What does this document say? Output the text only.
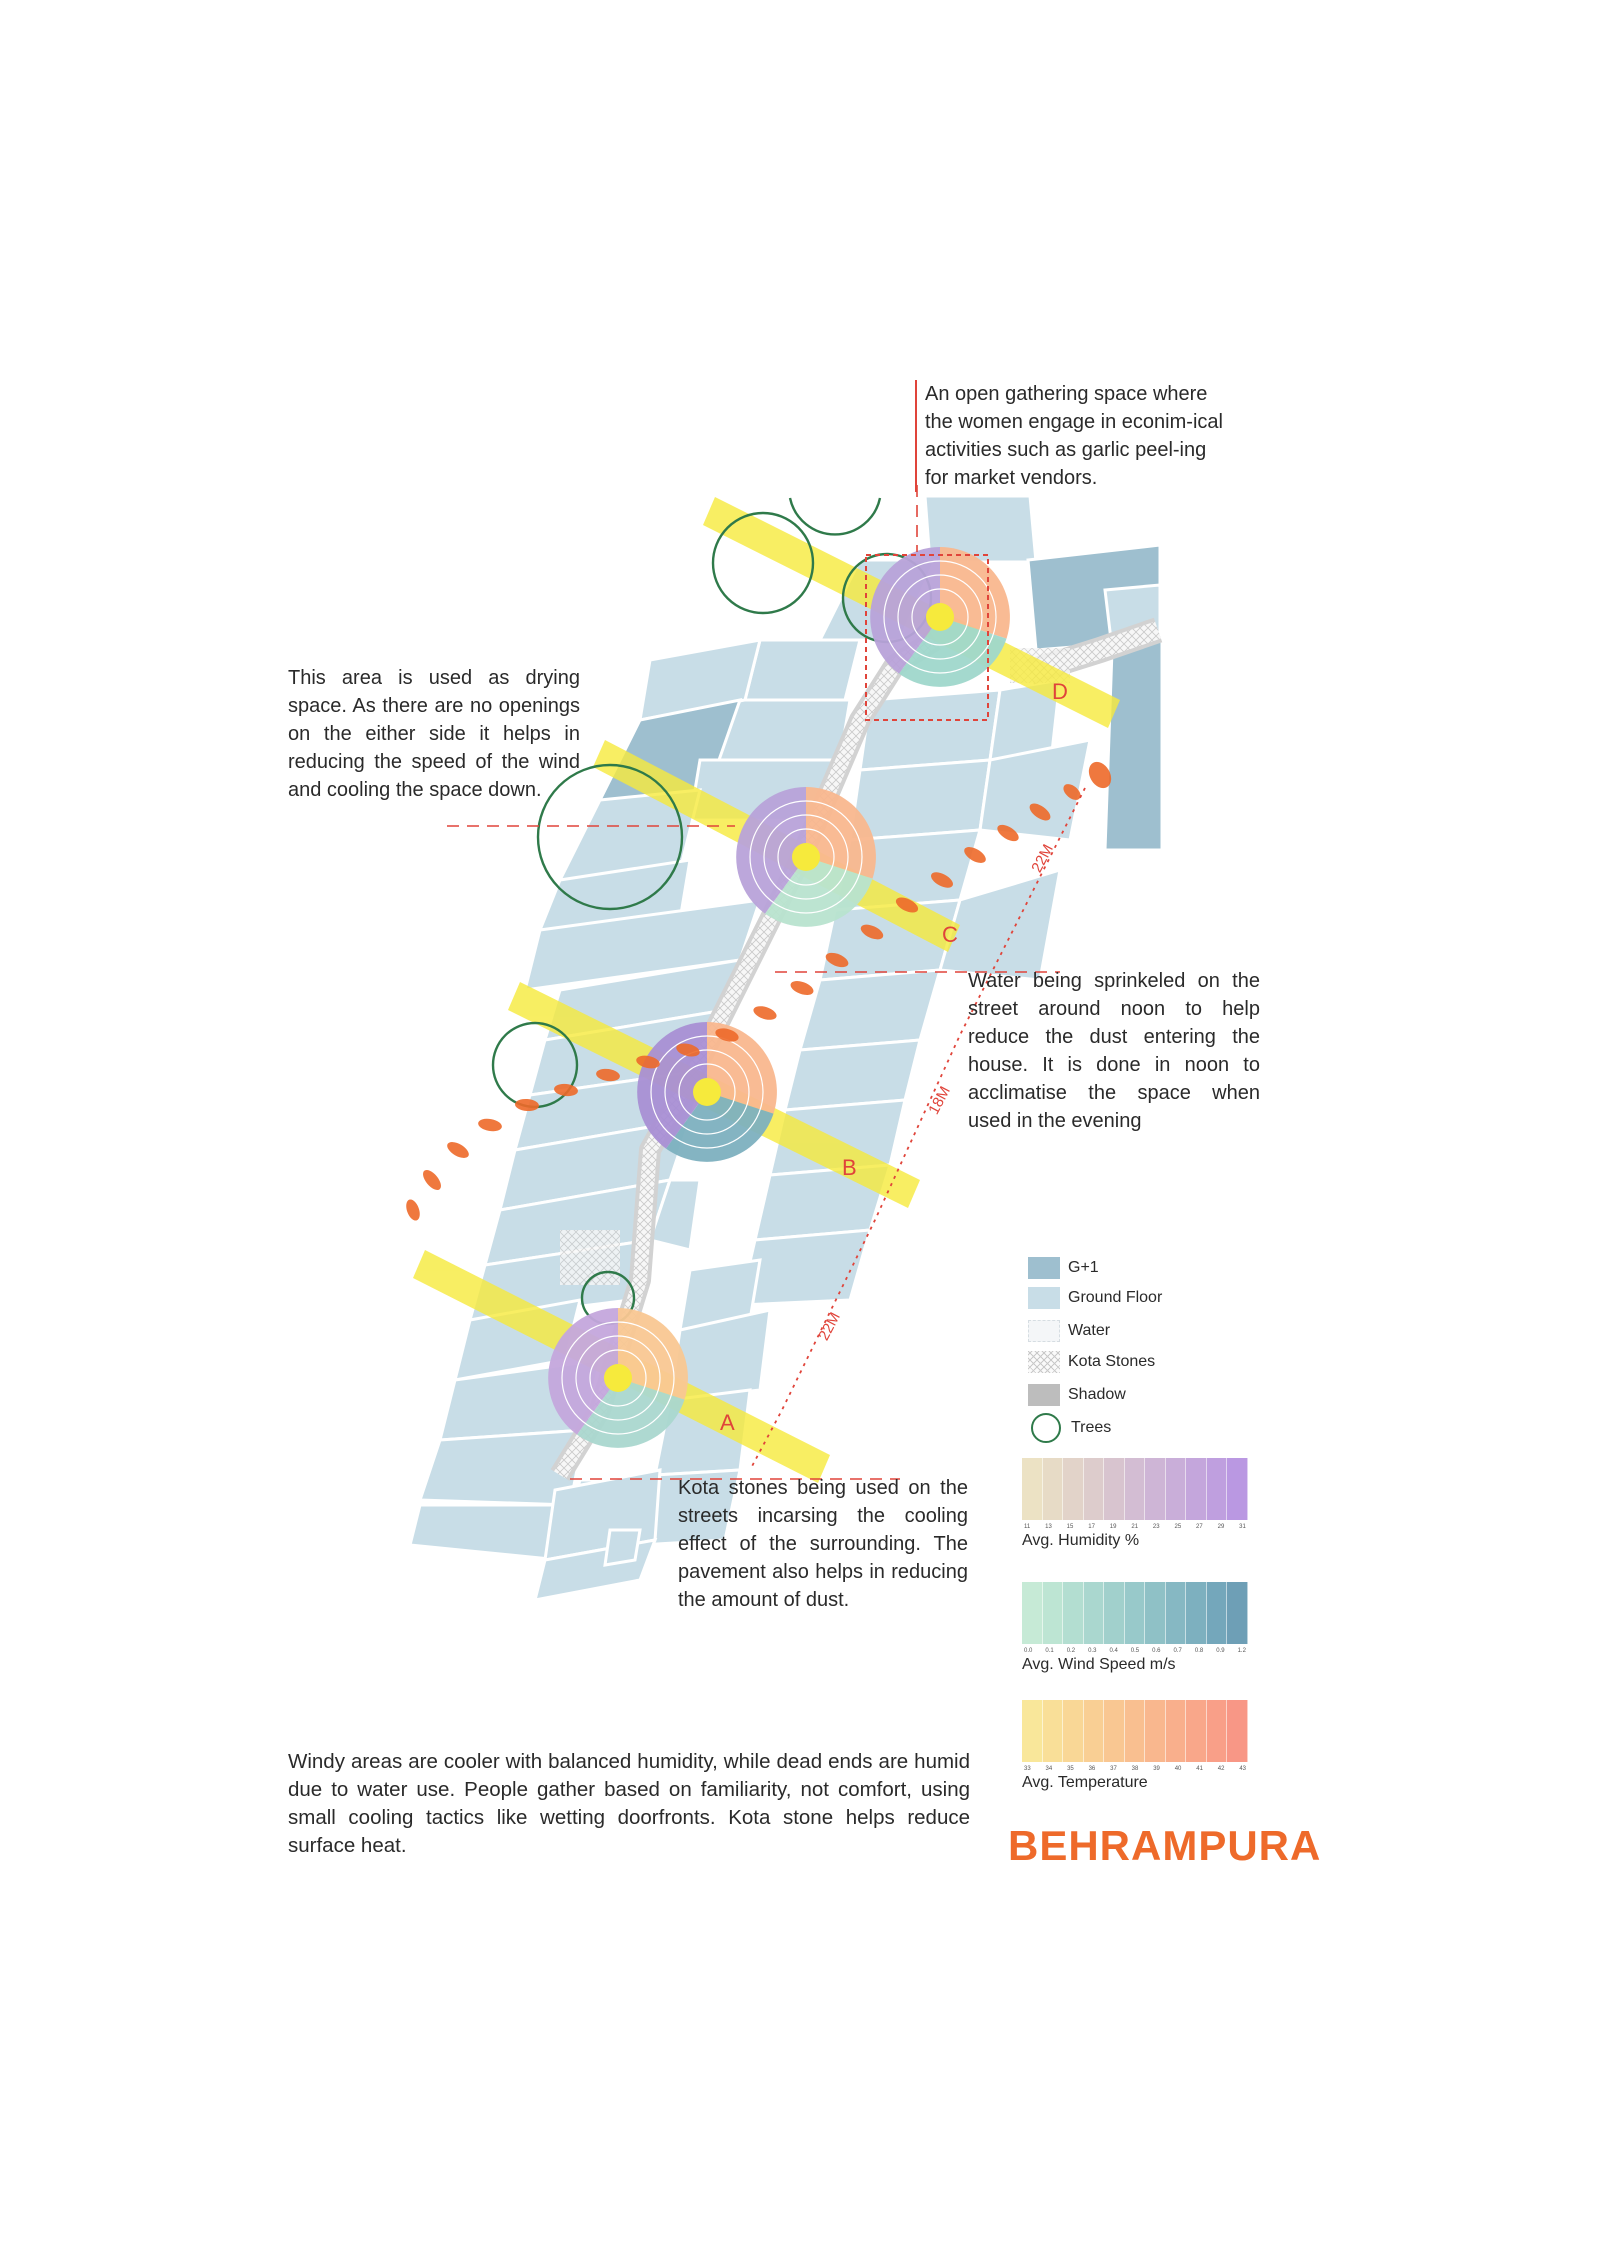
D
C
B
A
22M
18M
22M
An open gathering space where the women engage in econim-ical activities such as garlic peel-ing for market vendors.
This area is used as drying space. As there are no openings on the either side it helps in reducing the speed of the wind and cooling the space down.
Water being sprinkeled on the street around noon to help reduce the dust entering the house. It is done in noon to acclimatise the space when used in the evening
Kota stones being used on the streets incarsing the cooling effect of the surrounding. The pavement also helps in reducing the amount of dust.
G+1
Ground Floor
Water
Kota Stones
Shadow
Trees
11 13 15 17 19 21 23 25 27 29 31
Avg. Humidity %
0.0 0.1 0.2 0.3 0.4 0.5 0.6 0.7 0.8 0.9 1.2
Avg. Wind Speed m/s
33 34 35 36 37 38 39 40 41 42 43
Avg. Temperature
Windy areas are cooler with balanced humidity, while dead ends are humid due to water use. People gather based on familiarity, not comfort, using small cooling tactics like wetting doorfronts. Kota stone helps reduce surface heat.	BEHRAMPURA
